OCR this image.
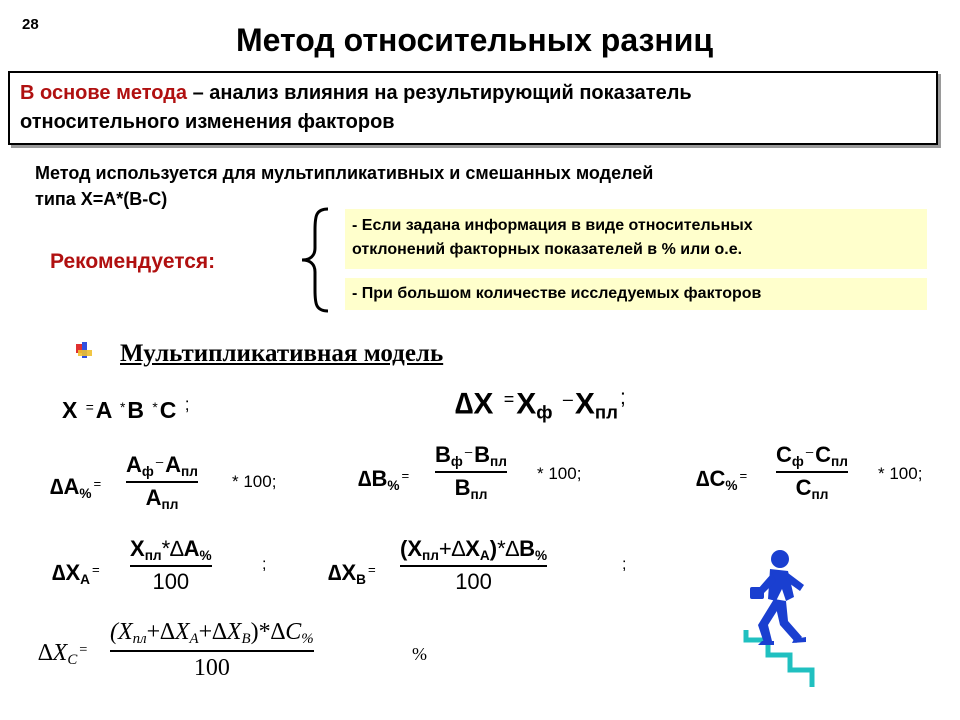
28	Метод относительных разниц
В основе метода – анализ влияния на результирующий показатель
относительного изменения факторов
Метод используется для мультипликативных и смешанных моделей
типа X=A*(B-C)
Рекомендуется:
- Если задана информация в виде относительных
отклонений факторных показателей в % или о.е.
- При большом количестве исследуемых факторов
Мультипликативная модель
X =A *B *C ;	∆X $^=X_ф$ $^-X_{пл}^;$
$\Delta A_{\%}^=$
$A_ф^-A_{пл}$
$A_{пл}$
* 100;	$\Delta B_{\%}^=$
$B_ф^-B_{пл}$
$B_{пл}$
* 100;	$\Delta C_{\%}^=$
$C_ф^-C_{пл}$
$C_{пл}$
* 100;
$\Delta X_A^=$
$Х_{пл}*\Delta A_{\%}$
100
;	$\Delta X_B^=$
$(Х_{пл}+\Delta X_A)*\Delta B_{\%}$
100
;
$\Delta X_C^=$
$(X_{пл}+\Delta X_A+\Delta X_B)*\Delta C_{\%}$
100
%
